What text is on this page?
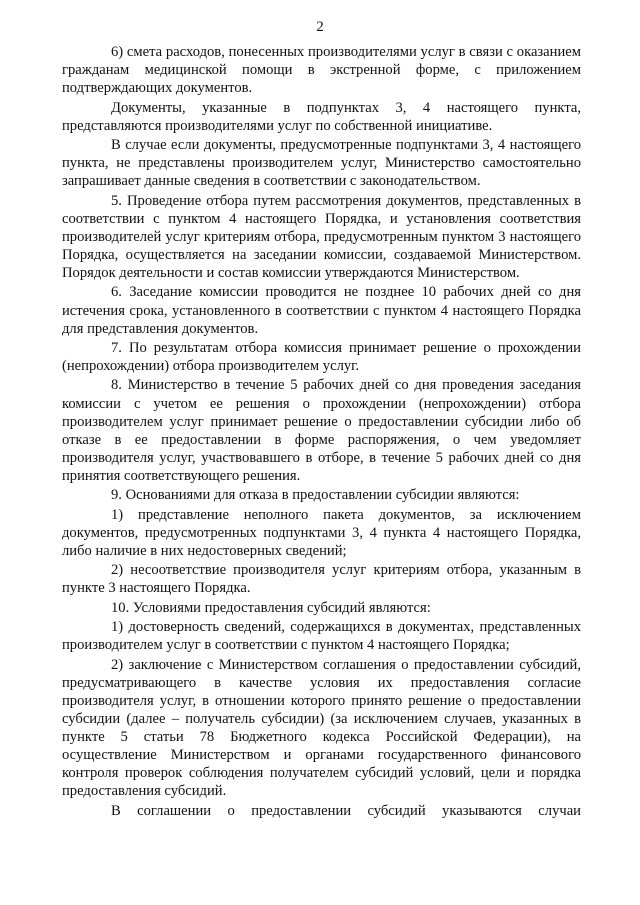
2

6) смета расходов, понесенных производителями услуг в связи с оказанием гражданам медицинской помощи в экстренной форме, с приложением подтверждающих документов.

Документы, указанные в подпунктах 3, 4 настоящего пункта, представляются производителями услуг по собственной инициативе.

В случае если документы, предусмотренные подпунктами 3, 4 настоящего пункта, не представлены производителем услуг, Министерство самостоятельно запрашивает данные сведения в соответствии с законодательством.

5. Проведение отбора путем рассмотрения документов, представленных в соответствии с пунктом 4 настоящего Порядка, и установления соответствия производителей услуг критериям отбора, предусмотренным пунктом 3 настоящего Порядка, осуществляется на заседании комиссии, создаваемой Министерством. Порядок деятельности и состав комиссии утверждаются Министерством.

6. Заседание комиссии проводится не позднее 10 рабочих дней со дня истечения срока, установленного в соответствии с пунктом 4 настоящего Порядка для представления документов.

7. По результатам отбора комиссия принимает решение о прохождении (непрохождении) отбора производителем услуг.

8. Министерство в течение 5 рабочих дней со дня проведения заседания комиссии с учетом ее решения о прохождении (непрохождении) отбора производителем услуг принимает решение о предоставлении субсидии либо об отказе в ее предоставлении в форме распоряжения, о чем уведомляет производителя услуг, участвовавшего в отборе, в течение 5 рабочих дней со дня принятия соответствующего решения.

9. Основаниями для отказа в предоставлении субсидии являются:

1) представление неполного пакета документов, за исключением документов, предусмотренных подпунктами 3, 4 пункта 4 настоящего Порядка, либо наличие в них недостоверных сведений;

2) несоответствие производителя услуг критериям отбора, указанным в пункте 3 настоящего Порядка.

10. Условиями предоставления субсидий являются:

1) достоверность сведений, содержащихся в документах, представленных производителем услуг в соответствии с пунктом 4 настоящего Порядка;

2) заключение с Министерством соглашения о предоставлении субсидий, предусматривающего в качестве условия их предоставления согласие производителя услуг, в отношении которого принято решение о предоставлении субсидии (далее – получатель субсидии) (за исключением случаев, указанных в пункте 5 статьи 78 Бюджетного кодекса Российской Федерации), на осуществление Министерством и органами государственного финансового контроля проверок соблюдения получателем субсидий условий, цели и порядка предоставления субсидий.

В соглашении о предоставлении субсидий указываются случаи
